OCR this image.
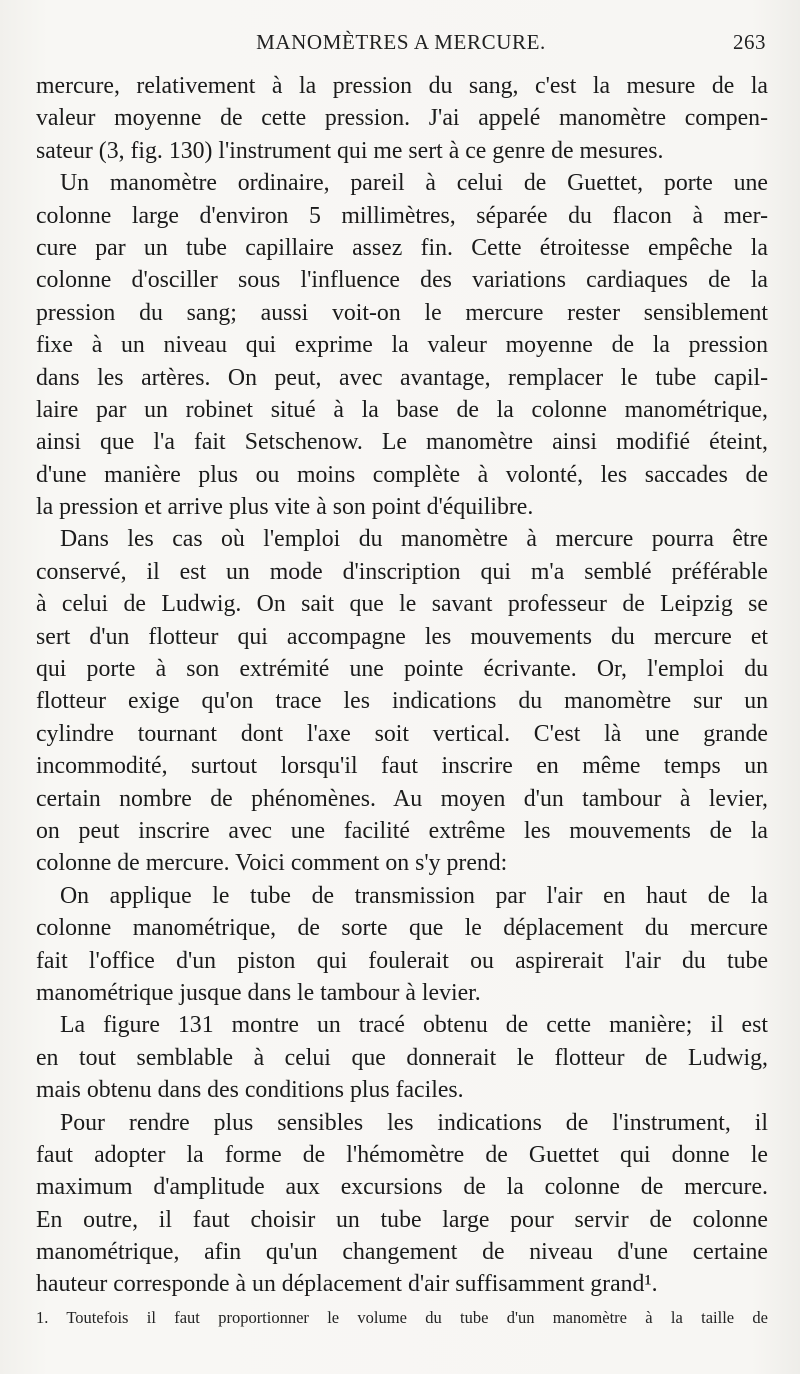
MANOMÈTRES A MERCURE.	263
mercure, relativement à la pression du sang, c'est la mesure de la
valeur moyenne de cette pression. J'ai appelé manomètre compen-
sateur (3, fig. 130) l'instrument qui me sert à ce genre de mesures.
Un manomètre ordinaire, pareil à celui de Guettet, porte une
colonne large d'environ 5 millimètres, séparée du flacon à mer-
cure par un tube capillaire assez fin. Cette étroitesse empêche la
colonne d'osciller sous l'influence des variations cardiaques de la
pression du sang; aussi voit-on le mercure rester sensiblement
fixe à un niveau qui exprime la valeur moyenne de la pression
dans les artères. On peut, avec avantage, remplacer le tube capil-
laire par un robinet situé à la base de la colonne manométrique,
ainsi que l'a fait Setschenow. Le manomètre ainsi modifié éteint,
d'une manière plus ou moins complète à volonté, les saccades de
la pression et arrive plus vite à son point d'équilibre.
Dans les cas où l'emploi du manomètre à mercure pourra être
conservé, il est un mode d'inscription qui m'a semblé préférable
à celui de Ludwig. On sait que le savant professeur de Leipzig se
sert d'un flotteur qui accompagne les mouvements du mercure et
qui porte à son extrémité une pointe écrivante. Or, l'emploi du
flotteur exige qu'on trace les indications du manomètre sur un
cylindre tournant dont l'axe soit vertical. C'est là une grande
incommodité, surtout lorsqu'il faut inscrire en même temps un
certain nombre de phénomènes. Au moyen d'un tambour à levier,
on peut inscrire avec une facilité extrême les mouvements de la
colonne de mercure. Voici comment on s'y prend:
On applique le tube de transmission par l'air en haut de la
colonne manométrique, de sorte que le déplacement du mercure
fait l'office d'un piston qui foulerait ou aspirerait l'air du tube
manométrique jusque dans le tambour à levier.
La figure 131 montre un tracé obtenu de cette manière; il est
en tout semblable à celui que donnerait le flotteur de Ludwig,
mais obtenu dans des conditions plus faciles.
Pour rendre plus sensibles les indications de l'instrument, il
faut adopter la forme de l'hémomètre de Guettet qui donne le
maximum d'amplitude aux excursions de la colonne de mercure.
En outre, il faut choisir un tube large pour servir de colonne
manométrique, afin qu'un changement de niveau d'une certaine
hauteur corresponde à un déplacement d'air suffisamment grand¹.
1. Toutefois il faut proportionner le volume du tube d'un manomètre à la taille de
